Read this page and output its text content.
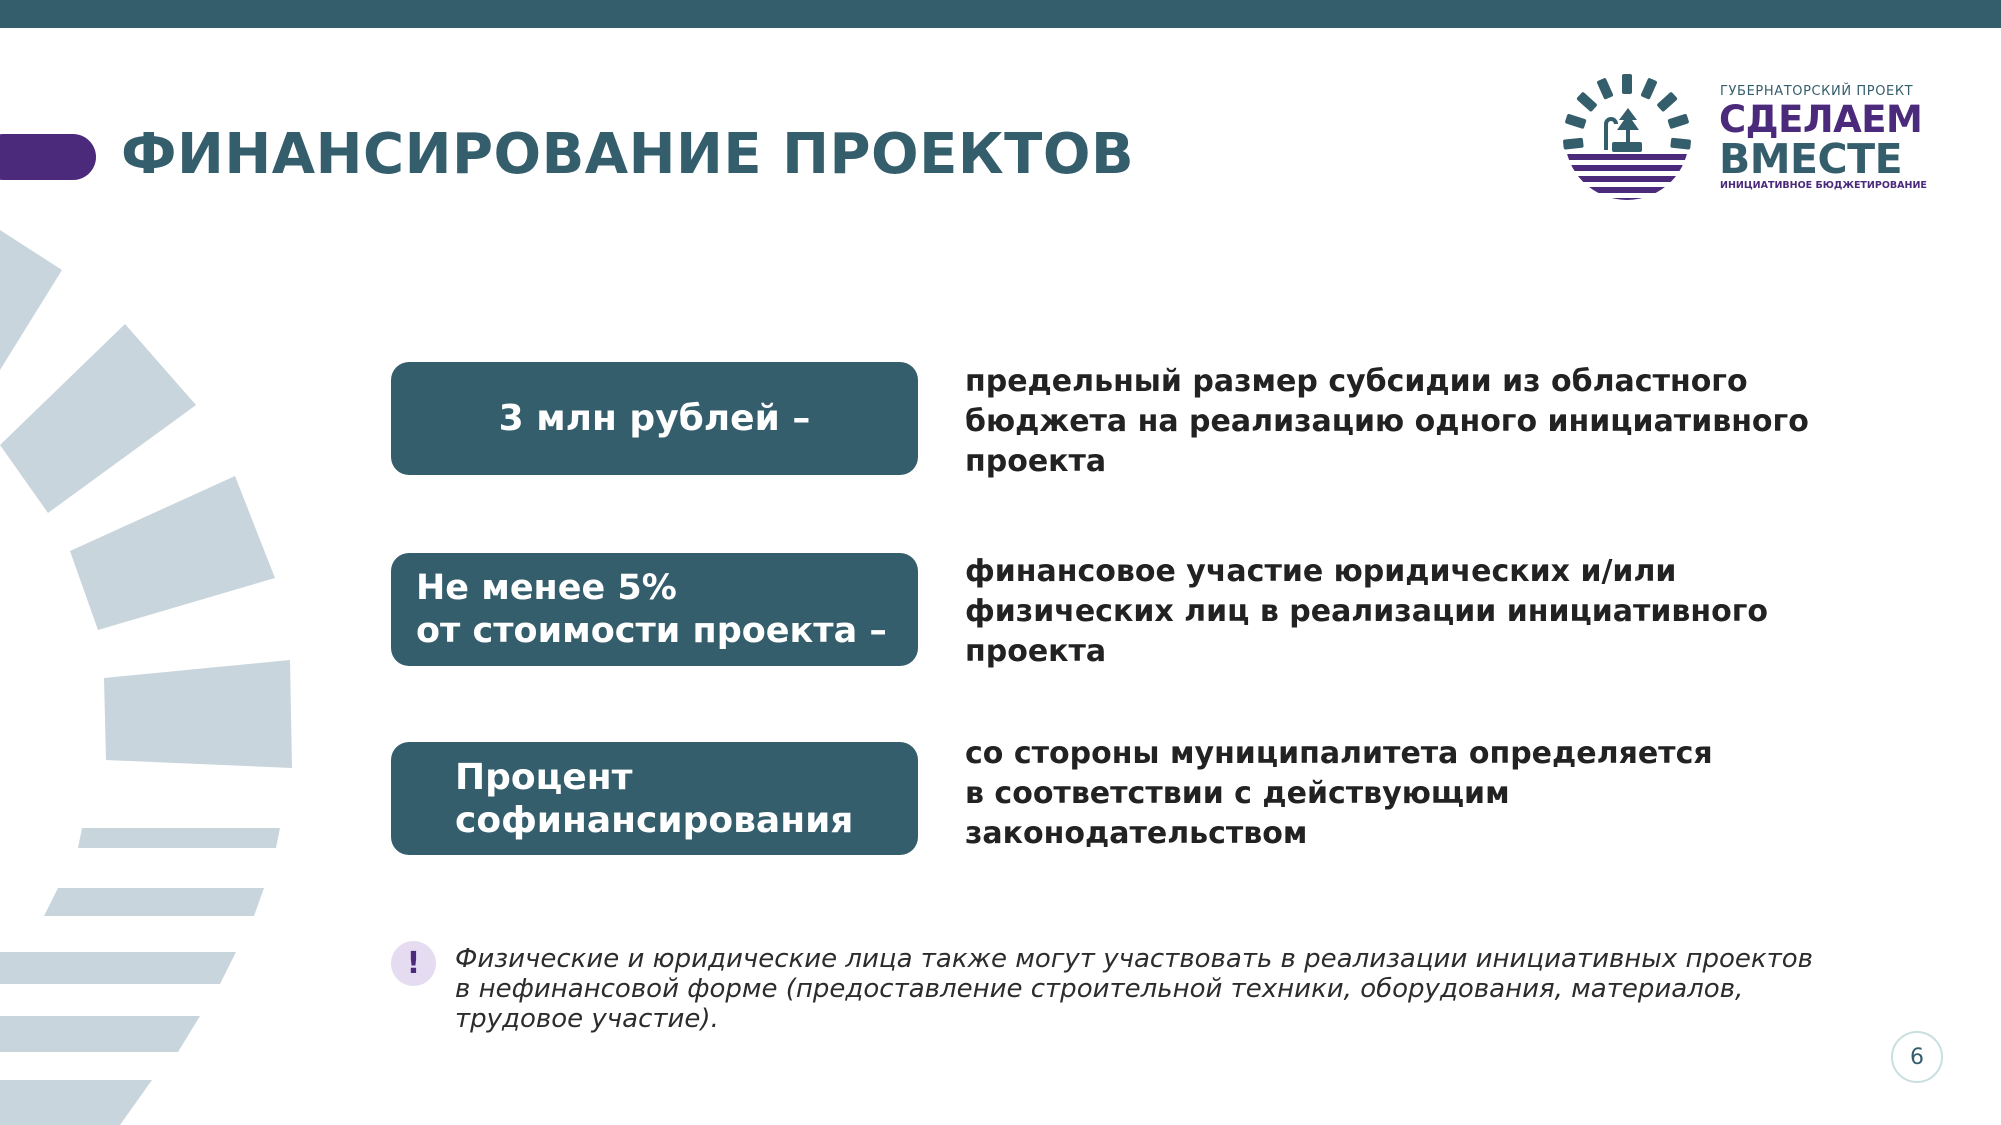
ФИНАНСИРОВАНИЕ ПРОЕКТОВ
ГУБЕРНАТОРСКИЙ ПРОЕКТ
СДЕЛАЕМ
ВМЕСТЕ
ИНИЦИАТИВНОЕ БЮДЖЕТИРОВАНИЕ
3 млн рублей –

предельный размер субсидии из областного
бюджета на реализацию одного инициативного
проекта

Не менее 5%
от стоимости проекта –

финансовое участие юридических и/или
физических лиц в реализации инициативного
проекта

Процент
софинансирования

со стороны муниципалитета определяется
в соответствии с действующим
законодательством

!	Физические и юридические лица также могут участвовать в реализации инициативных проектов
в нефинансовой форме (предоставление строительной техники, оборудования, материалов,
трудовое участие).

6
